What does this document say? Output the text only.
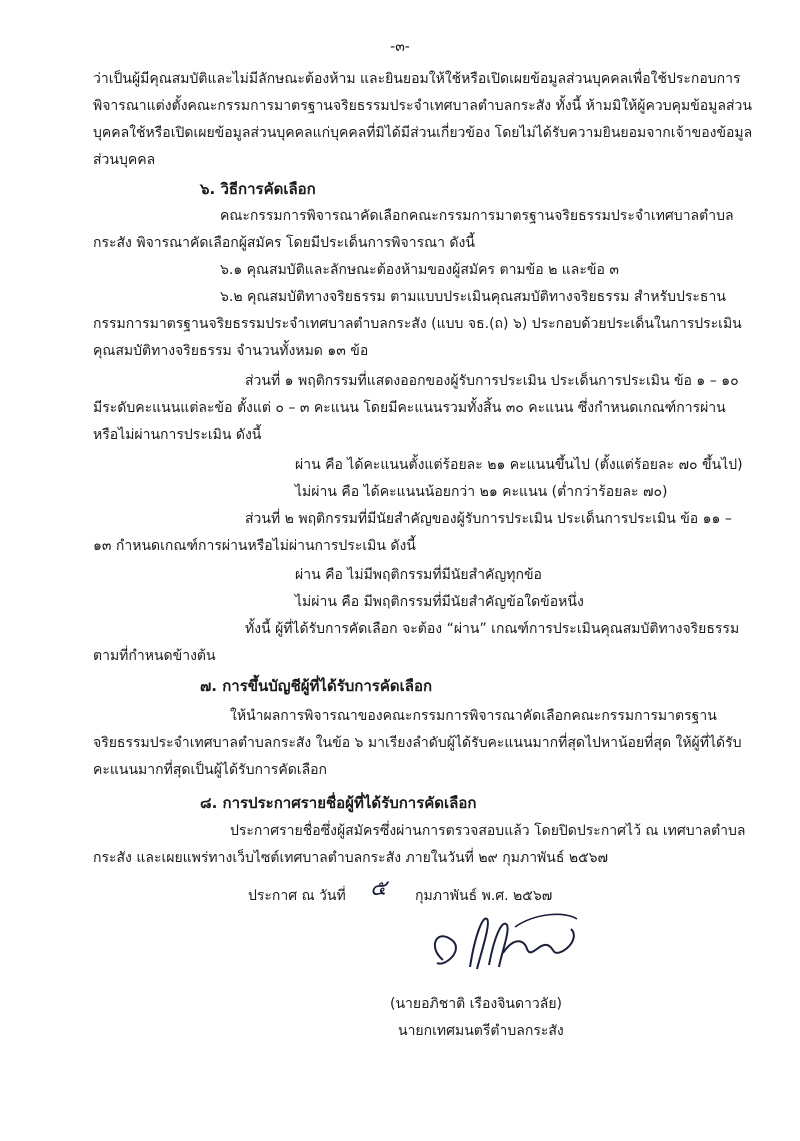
-๓-
ว่าเป็นผู้มีคุณสมบัติและไม่มีลักษณะต้องห้าม และยินยอมให้ใช้หรือเปิดเผยข้อมูลส่วนบุคคลเพื่อใช้ประกอบการ
พิจารณาแต่งตั้งคณะกรรมการมาตรฐานจริยธรรมประจำเทศบาลตำบลกระสัง ทั้งนี้ ห้ามมิให้ผู้ควบคุมข้อมูลส่วน
บุคคลใช้หรือเปิดเผยข้อมูลส่วนบุคคลแก่บุคคลที่มิได้มีส่วนเกี่ยวข้อง โดยไม่ได้รับความยินยอมจากเจ้าของข้อมูล
ส่วนบุคคล
๖. วิธีการคัดเลือก
คณะกรรมการพิจารณาคัดเลือกคณะกรรมการมาตรฐานจริยธรรมประจำเทศบาลตำบล
กระสัง พิจารณาคัดเลือกผู้สมัคร โดยมีประเด็นการพิจารณา ดังนี้
๖.๑ คุณสมบัติและลักษณะต้องห้ามของผู้สมัคร ตามข้อ ๒ และข้อ ๓
๖.๒ คุณสมบัติทางจริยธรรม ตามแบบประเมินคุณสมบัติทางจริยธรรม สำหรับประธาน
กรรมการมาตรฐานจริยธรรมประจำเทศบาลตำบลกระสัง (แบบ จธ.(ถ) ๖) ประกอบด้วยประเด็นในการประเมิน
คุณสมบัติทางจริยธรรม จำนวนทั้งหมด ๑๓ ข้อ
ส่วนที่ ๑ พฤติกรรมที่แสดงออกของผู้รับการประเมิน ประเด็นการประเมิน ข้อ ๑ – ๑๐
มีระดับคะแนนแต่ละข้อ ตั้งแต่ ๐ – ๓ คะแนน โดยมีคะแนนรวมทั้งสิ้น ๓๐ คะแนน ซึ่งกำหนดเกณฑ์การผ่าน
หรือไม่ผ่านการประเมิน ดังนี้
ผ่าน คือ ได้คะแนนตั้งแต่ร้อยละ ๒๑ คะแนนขึ้นไป (ตั้งแต่ร้อยละ ๗๐ ขึ้นไป)
ไม่ผ่าน คือ ได้คะแนนน้อยกว่า ๒๑ คะแนน (ต่ำกว่าร้อยละ ๗๐)
ส่วนที่ ๒ พฤติกรรมที่มีนัยสำคัญของผู้รับการประเมิน ประเด็นการประเมิน ข้อ ๑๑ –
๑๓ กำหนดเกณฑ์การผ่านหรือไม่ผ่านการประเมิน ดังนี้
ผ่าน คือ ไม่มีพฤติกรรมที่มีนัยสำคัญทุกข้อ
ไม่ผ่าน คือ มีพฤติกรรมที่มีนัยสำคัญข้อใดข้อหนึ่ง
ทั้งนี้ ผู้ที่ได้รับการคัดเลือก จะต้อง “ผ่าน” เกณฑ์การประเมินคุณสมบัติทางจริยธรรม
ตามที่กำหนดข้างต้น
๗. การขึ้นบัญชีผู้ที่ได้รับการคัดเลือก
ให้นำผลการพิจารณาของคณะกรรมการพิจารณาคัดเลือกคณะกรรมการมาตรฐาน
จริยธรรมประจำเทศบาลตำบลกระสัง ในข้อ ๖ มาเรียงลำดับผู้ได้รับคะแนนมากที่สุดไปหาน้อยที่สุด ให้ผู้ที่ได้รับ
คะแนนมากที่สุดเป็นผู้ได้รับการคัดเลือก
๘. การประกาศรายชื่อผู้ที่ได้รับการคัดเลือก
ประกาศรายชื่อซึ่งผู้สมัครซึ่งผ่านการตรวจสอบแล้ว โดยปิดประกาศไว้ ณ เทศบาลตำบล
กระสัง และเผยแพร่ทางเว็บไซต์เทศบาลตำบลกระสัง ภายในวันที่ ๒๙ กุมภาพันธ์ ๒๕๖๗
ประกาศ ณ วันที่ ๕ กุมภาพันธ์ พ.ศ. ๒๕๖๗
(นายอภิชาติ เรืองจินดาวลัย)
นายกเทศมนตรีตำบลกระสัง
